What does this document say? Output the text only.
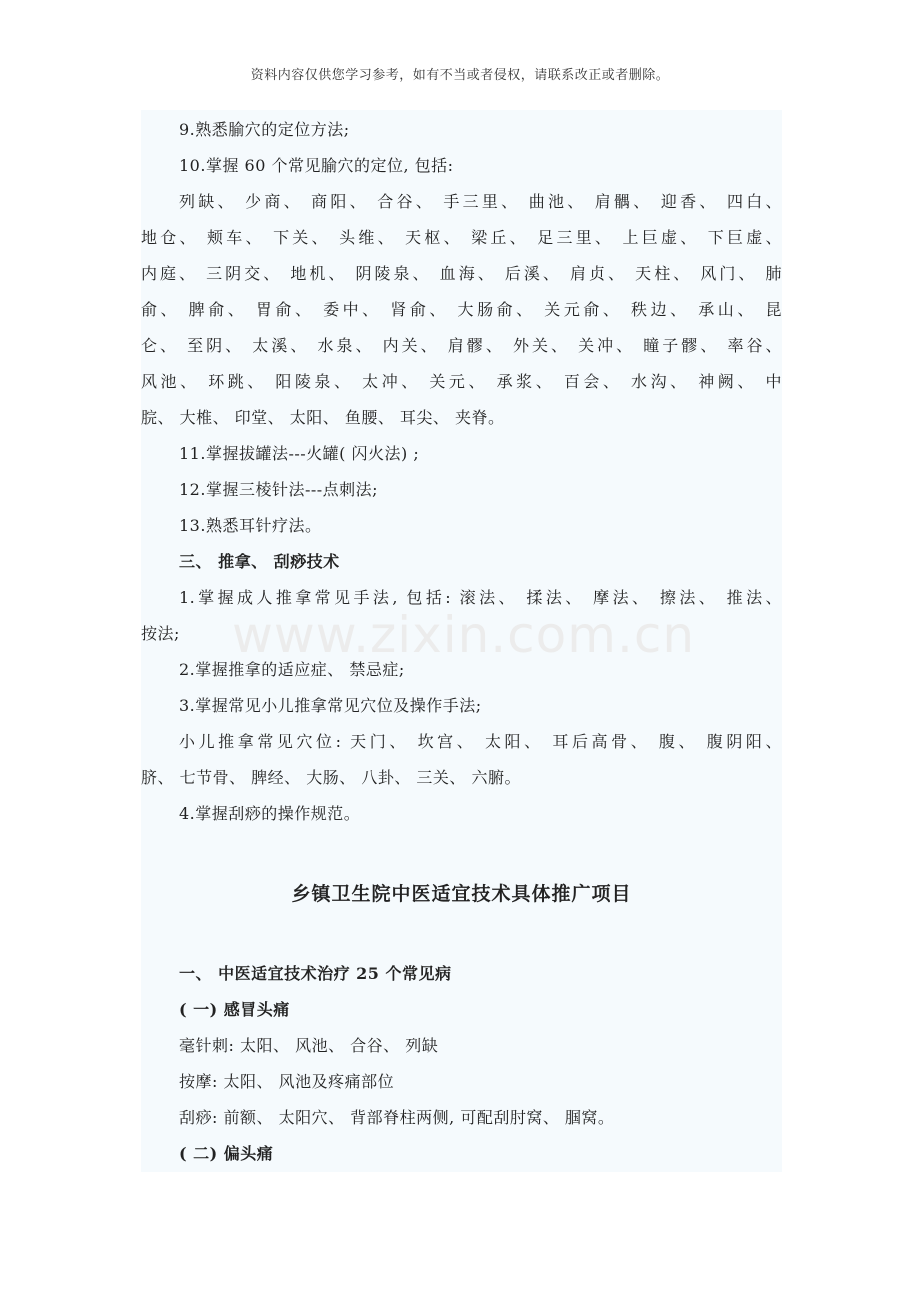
资料内容仅供您学习参考，如有不当或者侵权，请联系改正或者删除。
www.zixin.com.cn
9.熟悉腧穴的定位方法;
10.掌握 60 个常见腧穴的定位, 包括:
列缺、 少商、 商阳、 合谷、 手三里、 曲池、 肩髃、 迎香、 四白、
地仓、 颊车、 下关、 头维、 天枢、 梁丘、 足三里、 上巨虚、 下巨虚、
内庭、 三阴交、 地机、 阴陵泉、 血海、 后溪、 肩贞、 天柱、 风门、 肺
俞、 脾俞、 胃俞、 委中、 肾俞、 大肠俞、 关元俞、 秩边、 承山、 昆
仑、 至阴、 太溪、 水泉、 内关、 肩髎、 外关、 关冲、 瞳子髎、 率谷、
风池、 环跳、 阳陵泉、 太冲、 关元、 承浆、 百会、 水沟、 神阙、 中
脘、 大椎、 印堂、 太阳、 鱼腰、 耳尖、 夹脊。
11.掌握拔罐法---火罐( 闪火法) ;
12.掌握三棱针法---点刺法;
13.熟悉耳针疗法。
三、 推拿、 刮痧技术
1.掌握成人推拿常见手法, 包括: 滚法、 揉法、 摩法、 擦法、 推法、
按法;
2.掌握推拿的适应症、 禁忌症;
3.掌握常见小儿推拿常见穴位及操作手法;
小儿推拿常见穴位: 天门、 坎宫、 太阳、 耳后高骨、 腹、 腹阴阳、
脐、 七节骨、 脾经、 大肠、 八卦、 三关、 六腑。
4.掌握刮痧的操作规范。
乡镇卫生院中医适宜技术具体推广项目
一、 中医适宜技术治疗 25 个常见病
( 一) 感冒头痛
毫针刺: 太阳、 风池、 合谷、 列缺
按摩: 太阳、 风池及疼痛部位
刮痧: 前额、 太阳穴、 背部脊柱两侧, 可配刮肘窝、 腘窝。
( 二) 偏头痛
